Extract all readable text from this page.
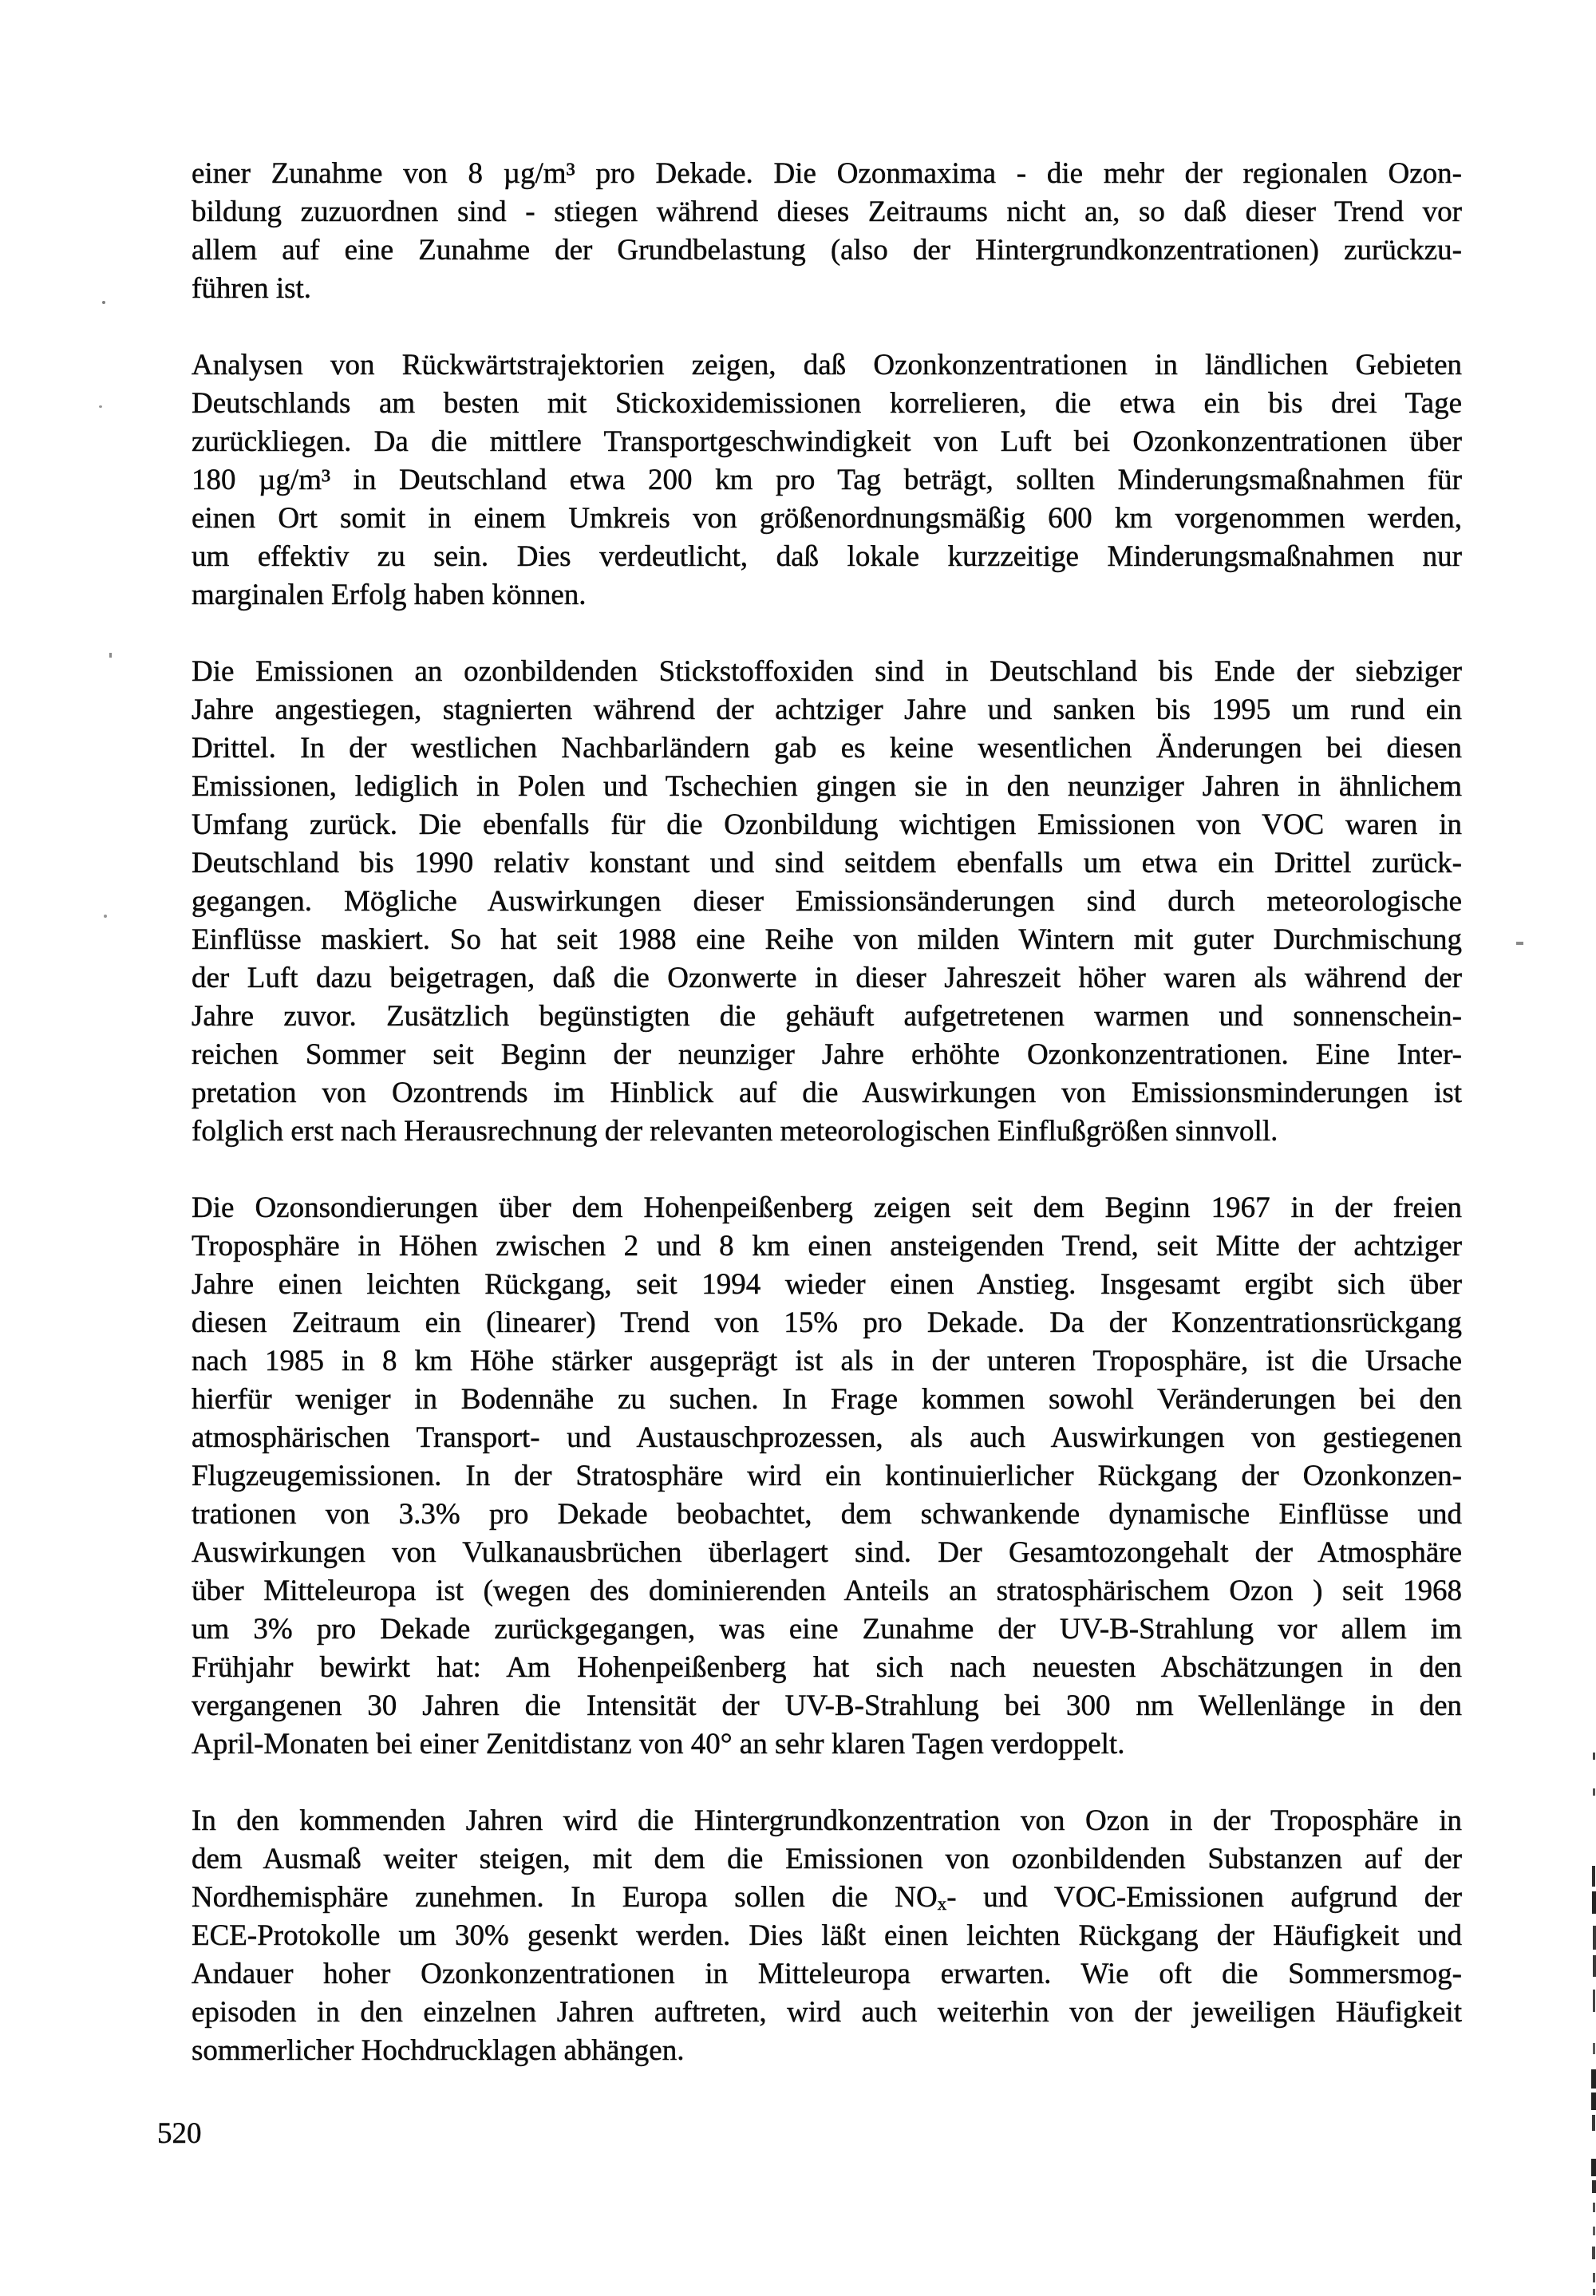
einer Zunahme von 8 µg/m³ pro Dekade. Die Ozonmaxima - die mehr der regionalen Ozon-
bildung zuzuordnen sind - stiegen während dieses Zeitraums nicht an, so daß dieser Trend vor
allem auf eine Zunahme der Grundbelastung (also der Hintergrundkonzentrationen) zurückzu-
führen ist.
Analysen von Rückwärtstrajektorien zeigen, daß Ozonkonzentrationen in ländlichen Gebieten
Deutschlands am besten mit Stickoxidemissionen korrelieren, die etwa ein bis drei Tage
zurückliegen. Da die mittlere Transportgeschwindigkeit von Luft bei Ozonkonzentrationen über
180 µg/m³ in Deutschland etwa 200 km pro Tag beträgt, sollten Minderungsmaßnahmen für
einen Ort somit in einem Umkreis von größenordnungsmäßig 600 km vorgenommen werden,
um effektiv zu sein. Dies verdeutlicht, daß lokale kurzzeitige Minderungsmaßnahmen nur
marginalen Erfolg haben können.
Die Emissionen an ozonbildenden Stickstoffoxiden sind in Deutschland bis Ende der siebziger
Jahre angestiegen, stagnierten während der achtziger Jahre und sanken bis 1995 um rund ein
Drittel. In der westlichen Nachbarländern gab es keine wesentlichen Änderungen bei diesen
Emissionen, lediglich in Polen und Tschechien gingen sie in den neunziger Jahren in ähnlichem
Umfang zurück. Die ebenfalls für die Ozonbildung wichtigen Emissionen von VOC waren in
Deutschland bis 1990 relativ konstant und sind seitdem ebenfalls um etwa ein Drittel zurück-
gegangen. Mögliche Auswirkungen dieser Emissionsänderungen sind durch meteorologische
Einflüsse maskiert. So hat seit 1988 eine Reihe von milden Wintern mit guter Durchmischung
der Luft dazu beigetragen, daß die Ozonwerte in dieser Jahreszeit höher waren als während der
Jahre zuvor. Zusätzlich begünstigten die gehäuft aufgetretenen warmen und sonnenschein-
reichen Sommer seit Beginn der neunziger Jahre erhöhte Ozonkonzentrationen. Eine Inter-
pretation von Ozontrends im Hinblick auf die Auswirkungen von Emissionsminderungen ist
folglich erst nach Herausrechnung der relevanten meteorologischen Einflußgrößen sinnvoll.
Die Ozonsondierungen über dem Hohenpeißenberg zeigen seit dem Beginn 1967 in der freien
Troposphäre in Höhen zwischen 2 und 8 km einen ansteigenden Trend, seit Mitte der achtziger
Jahre einen leichten Rückgang, seit 1994 wieder einen Anstieg. Insgesamt ergibt sich über
diesen Zeitraum ein (linearer) Trend von 15% pro Dekade. Da der Konzentrationsrückgang
nach 1985 in 8 km Höhe stärker ausgeprägt ist als in der unteren Troposphäre, ist die Ursache
hierfür weniger in Bodennähe zu suchen. In Frage kommen sowohl Veränderungen bei den
atmosphärischen Transport- und Austauschprozessen, als auch Auswirkungen von gestiegenen
Flugzeugemissionen. In der Stratosphäre wird ein kontinuierlicher Rückgang der Ozonkonzen-
trationen von 3.3% pro Dekade beobachtet, dem schwankende dynamische Einflüsse und
Auswirkungen von Vulkanausbrüchen überlagert sind. Der Gesamtozongehalt der Atmosphäre
über Mitteleuropa ist (wegen des dominierenden Anteils an stratosphärischem Ozon ) seit 1968
um 3% pro Dekade zurückgegangen, was eine Zunahme der UV-B-Strahlung vor allem im
Frühjahr bewirkt hat: Am Hohenpeißenberg hat sich nach neuesten Abschätzungen in den
vergangenen 30 Jahren die Intensität der UV-B-Strahlung bei 300 nm Wellenlänge in den
April-Monaten bei einer Zenitdistanz von 40° an sehr klaren Tagen verdoppelt.
In den kommenden Jahren wird die Hintergrundkonzentration von Ozon in der Troposphäre in
dem Ausmaß weiter steigen, mit dem die Emissionen von ozonbildenden Substanzen auf der
Nordhemisphäre zunehmen. In Europa sollen die $NO_x-$ und VOC-Emissionen aufgrund der
ECE-Protokolle um 30% gesenkt werden. Dies läßt einen leichten Rückgang der Häufigkeit und
Andauer hoher Ozonkonzentrationen in Mitteleuropa erwarten. Wie oft die Sommersmog-
episoden in den einzelnen Jahren auftreten, wird auch weiterhin von der jeweiligen Häufigkeit
sommerlicher Hochdrucklagen abhängen.
520
